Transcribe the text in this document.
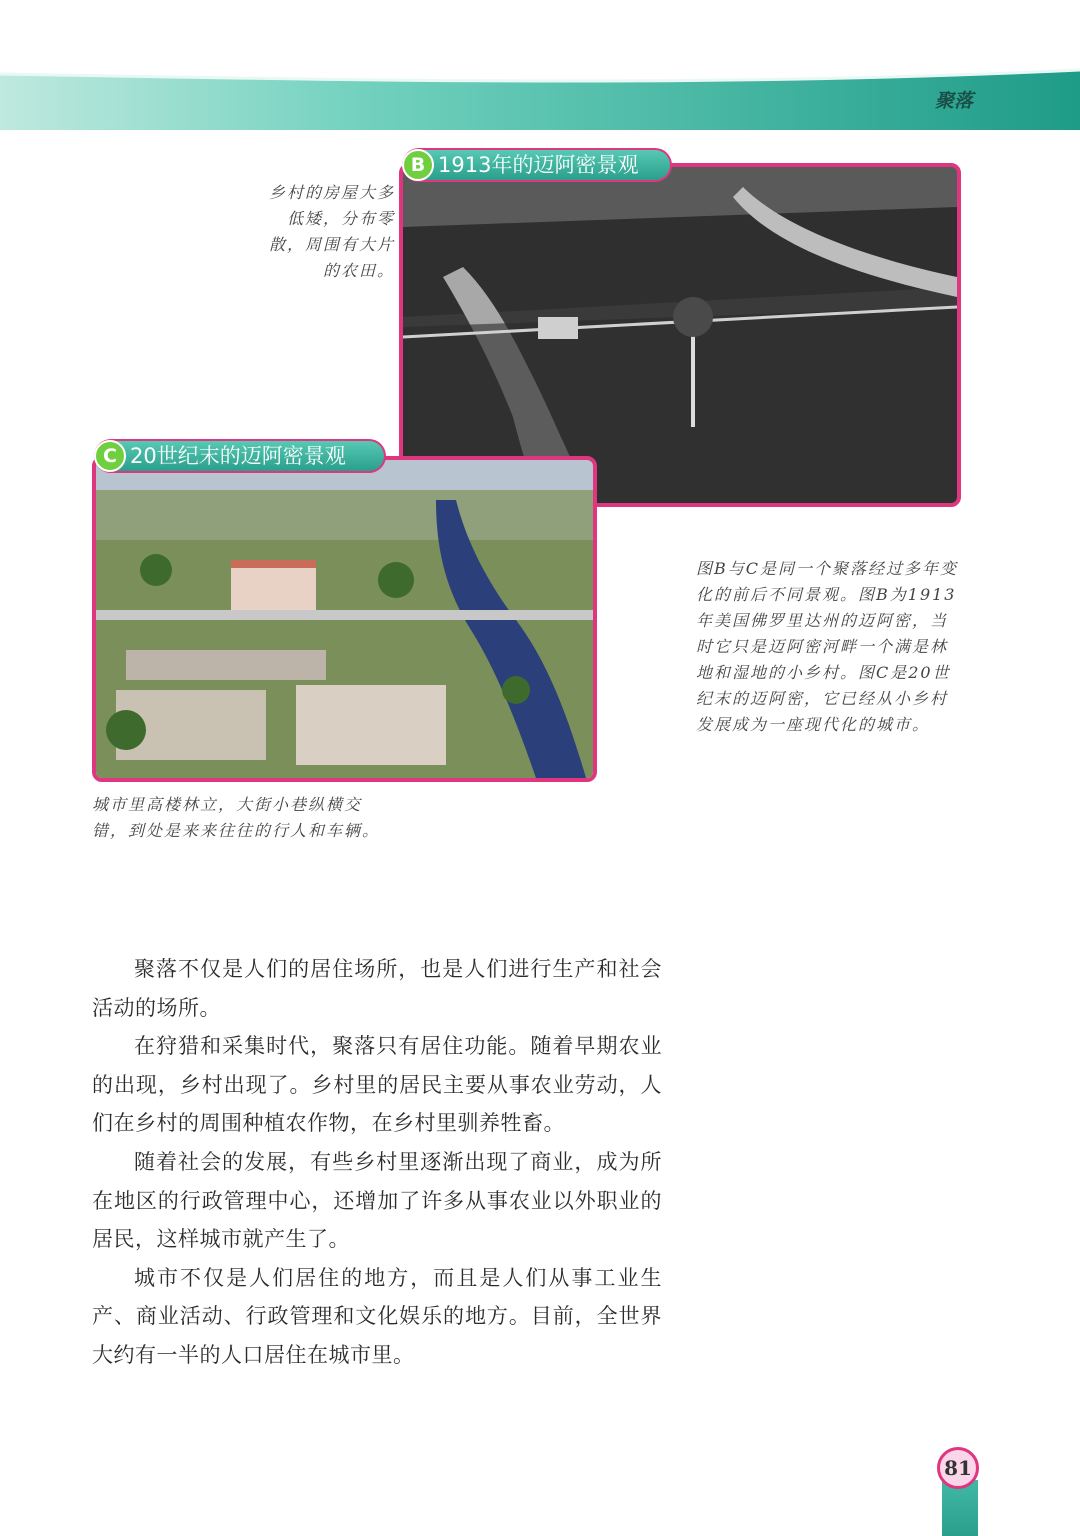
聚落
B 1913年的迈阿密景观
C 20世纪末的迈阿密景观
乡村的房屋大多低矮，分布零散，周围有大片的农田。
城市里高楼林立，大街小巷纵横交错，到处是来来往往的行人和车辆。
图B与C是同一个聚落经过多年变化的前后不同景观。图B为1913年美国佛罗里达州的迈阿密，当时它只是迈阿密河畔一个满是林地和湿地的小乡村。图C是20世纪末的迈阿密，它已经从小乡村发展成为一座现代化的城市。

聚落不仅是人们的居住场所，也是人们进行生产和社会活动的场所。

在狩猎和采集时代，聚落只有居住功能。随着早期农业的出现，乡村出现了。乡村里的居民主要从事农业劳动，人们在乡村的周围种植农作物，在乡村里驯养牲畜。

随着社会的发展，有些乡村里逐渐出现了商业，成为所在地区的行政管理中心，还增加了许多从事农业以外职业的居民，这样城市就产生了。

城市不仅是人们居住的地方，而且是人们从事工业生产、商业活动、行政管理和文化娱乐的地方。目前，全世界大约有一半的人口居住在城市里。

81
